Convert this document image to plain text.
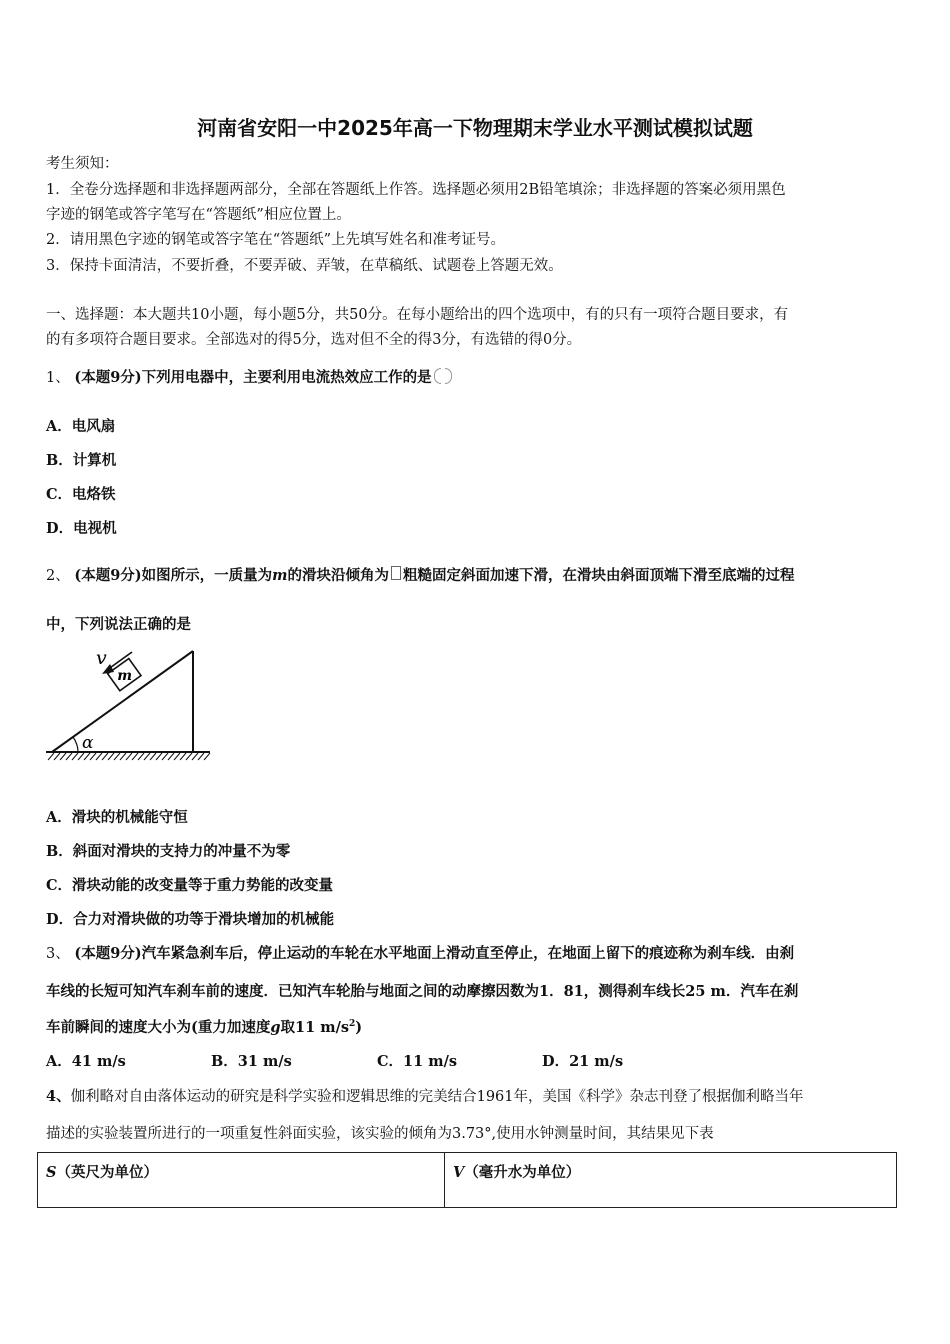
河南省安阳一中2025年高一下物理期末学业水平测试模拟试题
考生须知：
1．全卷分选择题和非选择题两部分，全部在答题纸上作答。选择题必须用2B铅笔填涂；非选择题的答案必须用黑色
字迹的钢笔或答字笔写在“答题纸”相应位置上。
2．请用黑色字迹的钢笔或答字笔在“答题纸”上先填写姓名和准考证号。
3．保持卡面清洁，不要折叠，不要弄破、弄皱，在草稿纸、试题卷上答题无效。
一、选择题：本大题共10小题，每小题5分，共50分。在每小题给出的四个选项中，有的只有一项符合题目要求，有
的有多项符合题目要求。全部选对的得5分，选对但不全的得3分，有选错的得0分。
1、 (本题9分)下列用电器中，主要利用电流热效应工作的是
A．电风扇
B．计算机
C．电烙铁
D．电视机
2、 (本题9分)如图所示，一质量为m的滑块沿倾角为 粗糙固定斜面加速下滑，在滑块由斜面顶端下滑至底端的过程
中，下列说法正确的是
α
m
v
A．滑块的机械能守恒
B．斜面对滑块的支持力的冲量不为零
C．滑块动能的改变量等于重力势能的改变量
D．合力对滑块做的功等于滑块增加的机械能
3、 (本题9分)汽车紧急刹车后，停止运动的车轮在水平地面上滑动直至停止，在地面上留下的痕迹称为刹车线．由刹
车线的长短可知汽车刹车前的速度．已知汽车轮胎与地面之间的动摩擦因数为1．81，测得刹车线长25 m．汽车在刹
车前瞬间的速度大小为(重力加速度g取11 $m/s^2$)
A．41 m/s	B．31 m/s	C．11 m/s	D．21 m/s
4、伽利略对自由落体运动的研究是科学实验和逻辑思维的完美结合1961年，美国《科学》杂志刊登了根据伽利略当年
描述的实验装置所进行的一项重复性斜面实验，该实验的倾角为3.73°,使用水钟测量时间，其结果见下表
S（英尺为单位）	V（毫升水为单位）
